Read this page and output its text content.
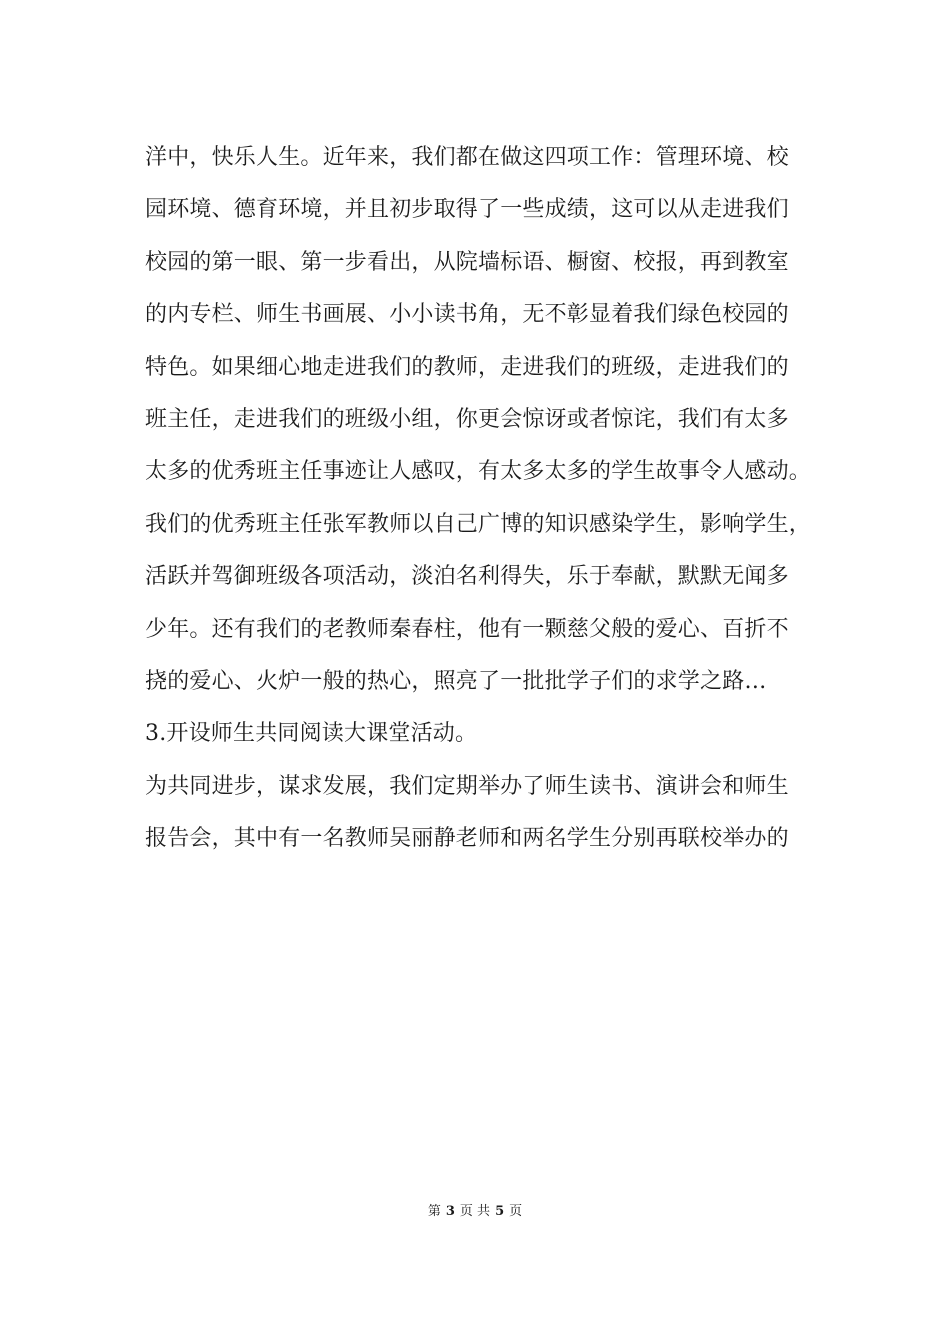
洋中，快乐人生。近年来，我们都在做这四项工作：管理环境、校
园环境、德育环境，并且初步取得了一些成绩，这可以从走进我们
校园的第一眼、第一步看出，从院墙标语、橱窗、校报，再到教室
的内专栏、师生书画展、小小读书角，无不彰显着我们绿色校园的
特色。如果细心地走进我们的教师，走进我们的班级，走进我们的
班主任，走进我们的班级小组，你更会惊讶或者惊诧，我们有太多
太多的优秀班主任事迹让人感叹，有太多太多的学生故事令人感动。
我们的优秀班主任张军教师以自己广博的知识感染学生，影响学生，
活跃并驾御班级各项活动，淡泊名利得失，乐于奉献，默默无闻多
少年。还有我们的老教师秦春柱，他有一颗慈父般的爱心、百折不
挠的爱心、火炉一般的热心，照亮了一批批学子们的求学之路…
3.开设师生共同阅读大课堂活动。
为共同进步，谋求发展，我们定期举办了师生读书、演讲会和师生
报告会，其中有一名教师吴丽静老师和两名学生分别再联校举办的
第 3 页 共 5 页
